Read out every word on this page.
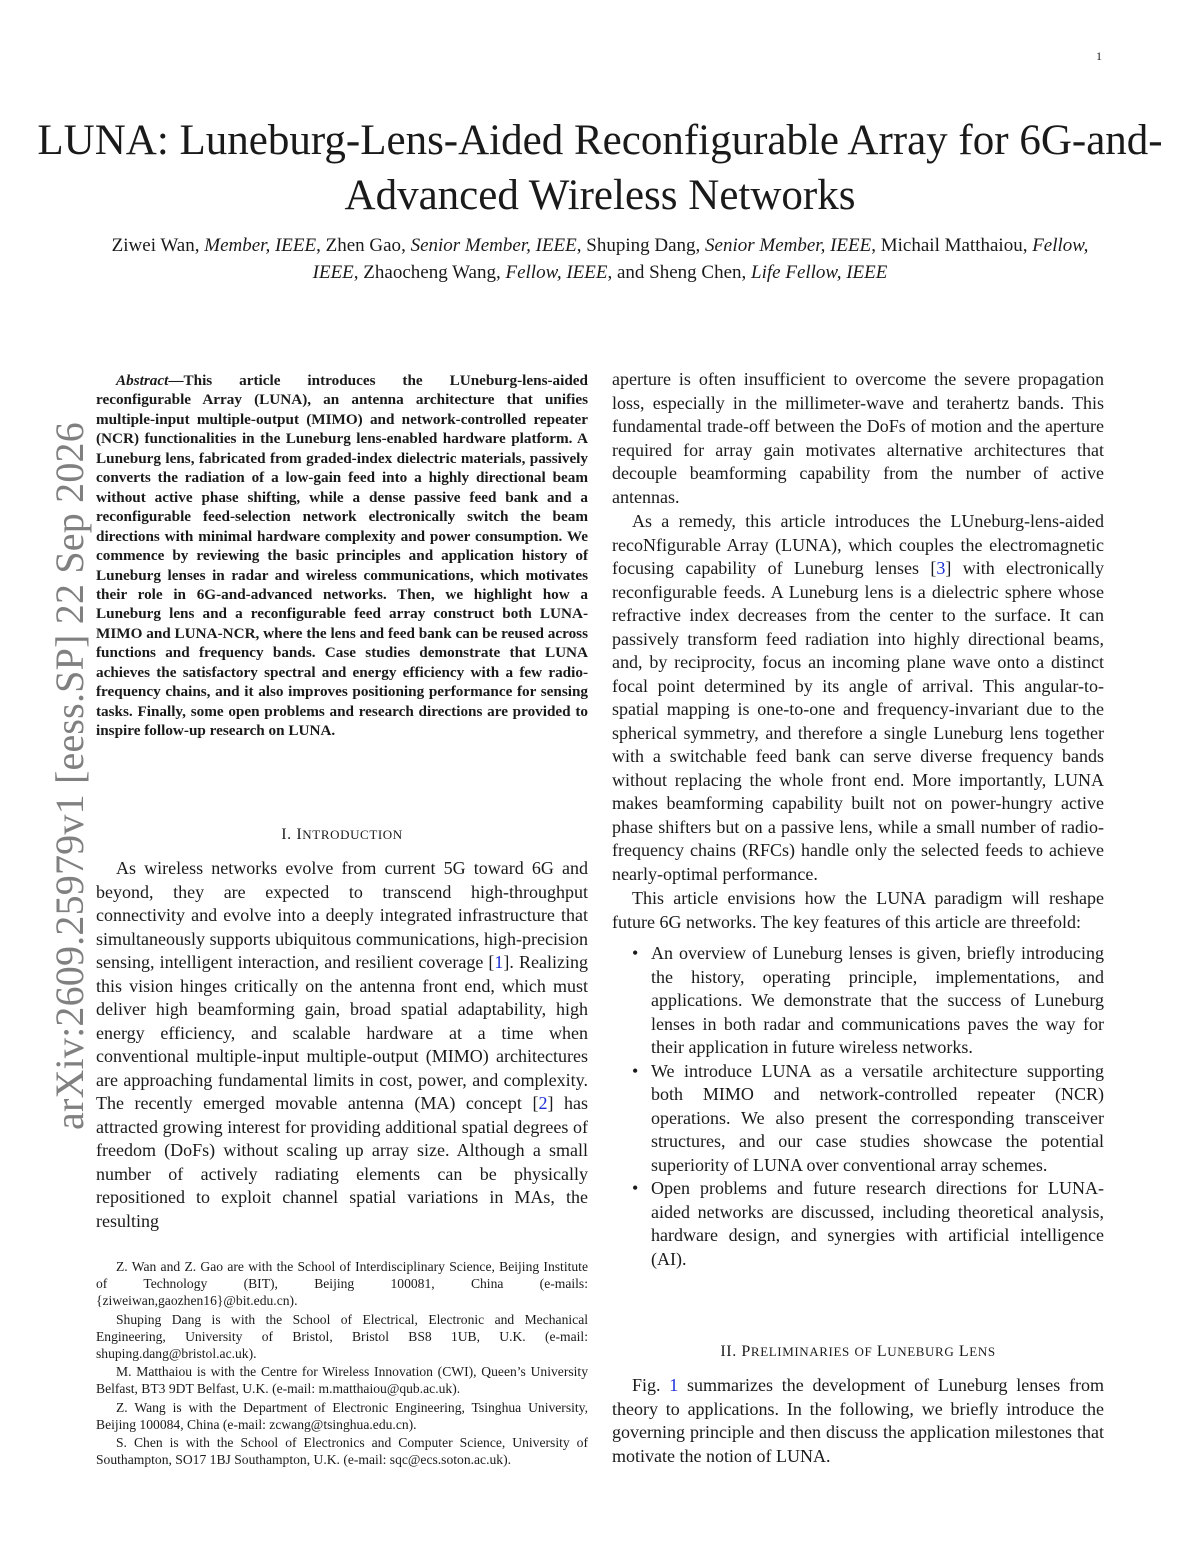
1
arXiv:2609.25979v1 [eess.SP] 22 Sep 2026
LUNA: Luneburg-Lens-Aided Reconfigurable Array for 6G-and-Advanced Wireless Networks
Ziwei Wan, Member, IEEE, Zhen Gao, Senior Member, IEEE, Shuping Dang, Senior Member, IEEE, Michail Matthaiou, Fellow, IEEE, Zhaocheng Wang, Fellow, IEEE, and Sheng Chen, Life Fellow, IEEE
Abstract—This article introduces the LUneburg-lens-aided reconfigurable Array (LUNA), an antenna architecture that unifies multiple-input multiple-output (MIMO) and network-controlled repeater (NCR) functionalities in the Luneburg lens-enabled hardware platform. A Luneburg lens, fabricated from graded-index dielectric materials, passively converts the radiation of a low-gain feed into a highly directional beam without active phase shifting, while a dense passive feed bank and a reconfigurable feed-selection network electronically switch the beam directions with minimal hardware complexity and power consumption. We commence by reviewing the basic principles and application history of Luneburg lenses in radar and wireless communications, which motivates their role in 6G-and-advanced networks. Then, we highlight how a Luneburg lens and a reconfigurable feed array construct both LUNA-MIMO and LUNA-NCR, where the lens and feed bank can be reused across functions and frequency bands. Case studies demonstrate that LUNA achieves the satisfactory spectral and energy efficiency with a few radio-frequency chains, and it also improves positioning performance for sensing tasks. Finally, some open problems and research directions are provided to inspire follow-up research on LUNA.
I. INTRODUCTION

As wireless networks evolve from current 5G toward 6G and beyond, they are expected to transcend high-throughput connectivity and evolve into a deeply integrated infrastructure that simultaneously supports ubiquitous communications, high-precision sensing, intelligent interaction, and resilient coverage [1]. Realizing this vision hinges critically on the antenna front end, which must deliver high beamforming gain, broad spatial adaptability, high energy efficiency, and scalable hardware at a time when conventional multiple-input multiple-output (MIMO) architectures are approaching fundamental limits in cost, power, and complexity. The recently emerged movable antenna (MA) concept [2] has attracted growing interest for providing additional spatial degrees of freedom (DoFs) without scaling up array size. Although a small number of actively radiating elements can be physically repositioned to exploit channel spatial variations in MAs, the resulting

Z. Wan and Z. Gao are with the School of Interdisciplinary Science, Beijing Institute of Technology (BIT), Beijing 100081, China (e-mails: {ziweiwan,gaozhen16}@bit.edu.cn).

Shuping Dang is with the School of Electrical, Electronic and Mechanical Engineering, University of Bristol, Bristol BS8 1UB, U.K. (e-mail: shuping.dang@bristol.ac.uk).

M. Matthaiou is with the Centre for Wireless Innovation (CWI), Queen’s University Belfast, BT3 9DT Belfast, U.K. (e-mail: m.matthaiou@qub.ac.uk).

Z. Wang is with the Department of Electronic Engineering, Tsinghua University, Beijing 100084, China (e-mail: zcwang@tsinghua.edu.cn).

S. Chen is with the School of Electronics and Computer Science, University of Southampton, SO17 1BJ Southampton, U.K. (e-mail: sqc@ecs.soton.ac.uk).

aperture is often insufficient to overcome the severe propagation loss, especially in the millimeter-wave and terahertz bands. This fundamental trade-off between the DoFs of motion and the aperture required for array gain motivates alternative architectures that decouple beamforming capability from the number of active antennas.

As a remedy, this article introduces the LUneburg-lens-aided recoNfigurable Array (LUNA), which couples the electromagnetic focusing capability of Luneburg lenses [3] with electronically reconfigurable feeds. A Luneburg lens is a dielectric sphere whose refractive index decreases from the center to the surface. It can passively transform feed radiation into highly directional beams, and, by reciprocity, focus an incoming plane wave onto a distinct focal point determined by its angle of arrival. This angular-to-spatial mapping is one-to-one and frequency-invariant due to the spherical symmetry, and therefore a single Luneburg lens together with a switchable feed bank can serve diverse frequency bands without replacing the whole front end. More importantly, LUNA makes beamforming capability built not on power-hungry active phase shifters but on a passive lens, while a small number of radio-frequency chains (RFCs) handle only the selected feeds to achieve nearly-optimal performance.

This article envisions how the LUNA paradigm will reshape future 6G networks. The key features of this article are threefold:

• An overview of Luneburg lenses is given, briefly introducing the history, operating principle, implementations, and applications. We demonstrate that the success of Luneburg lenses in both radar and communications paves the way for their application in future wireless networks.
• We introduce LUNA as a versatile architecture supporting both MIMO and network-controlled repeater (NCR) operations. We also present the corresponding transceiver structures, and our case studies showcase the potential superiority of LUNA over conventional array schemes.
• Open problems and future research directions for LUNA-aided networks are discussed, including theoretical analysis, hardware design, and synergies with artificial intelligence (AI).
II. PRELIMINARIES OF LUNEBURG LENS

Fig. 1 summarizes the development of Luneburg lenses from theory to applications. In the following, we briefly introduce the governing principle and then discuss the application milestones that motivate the notion of LUNA.
